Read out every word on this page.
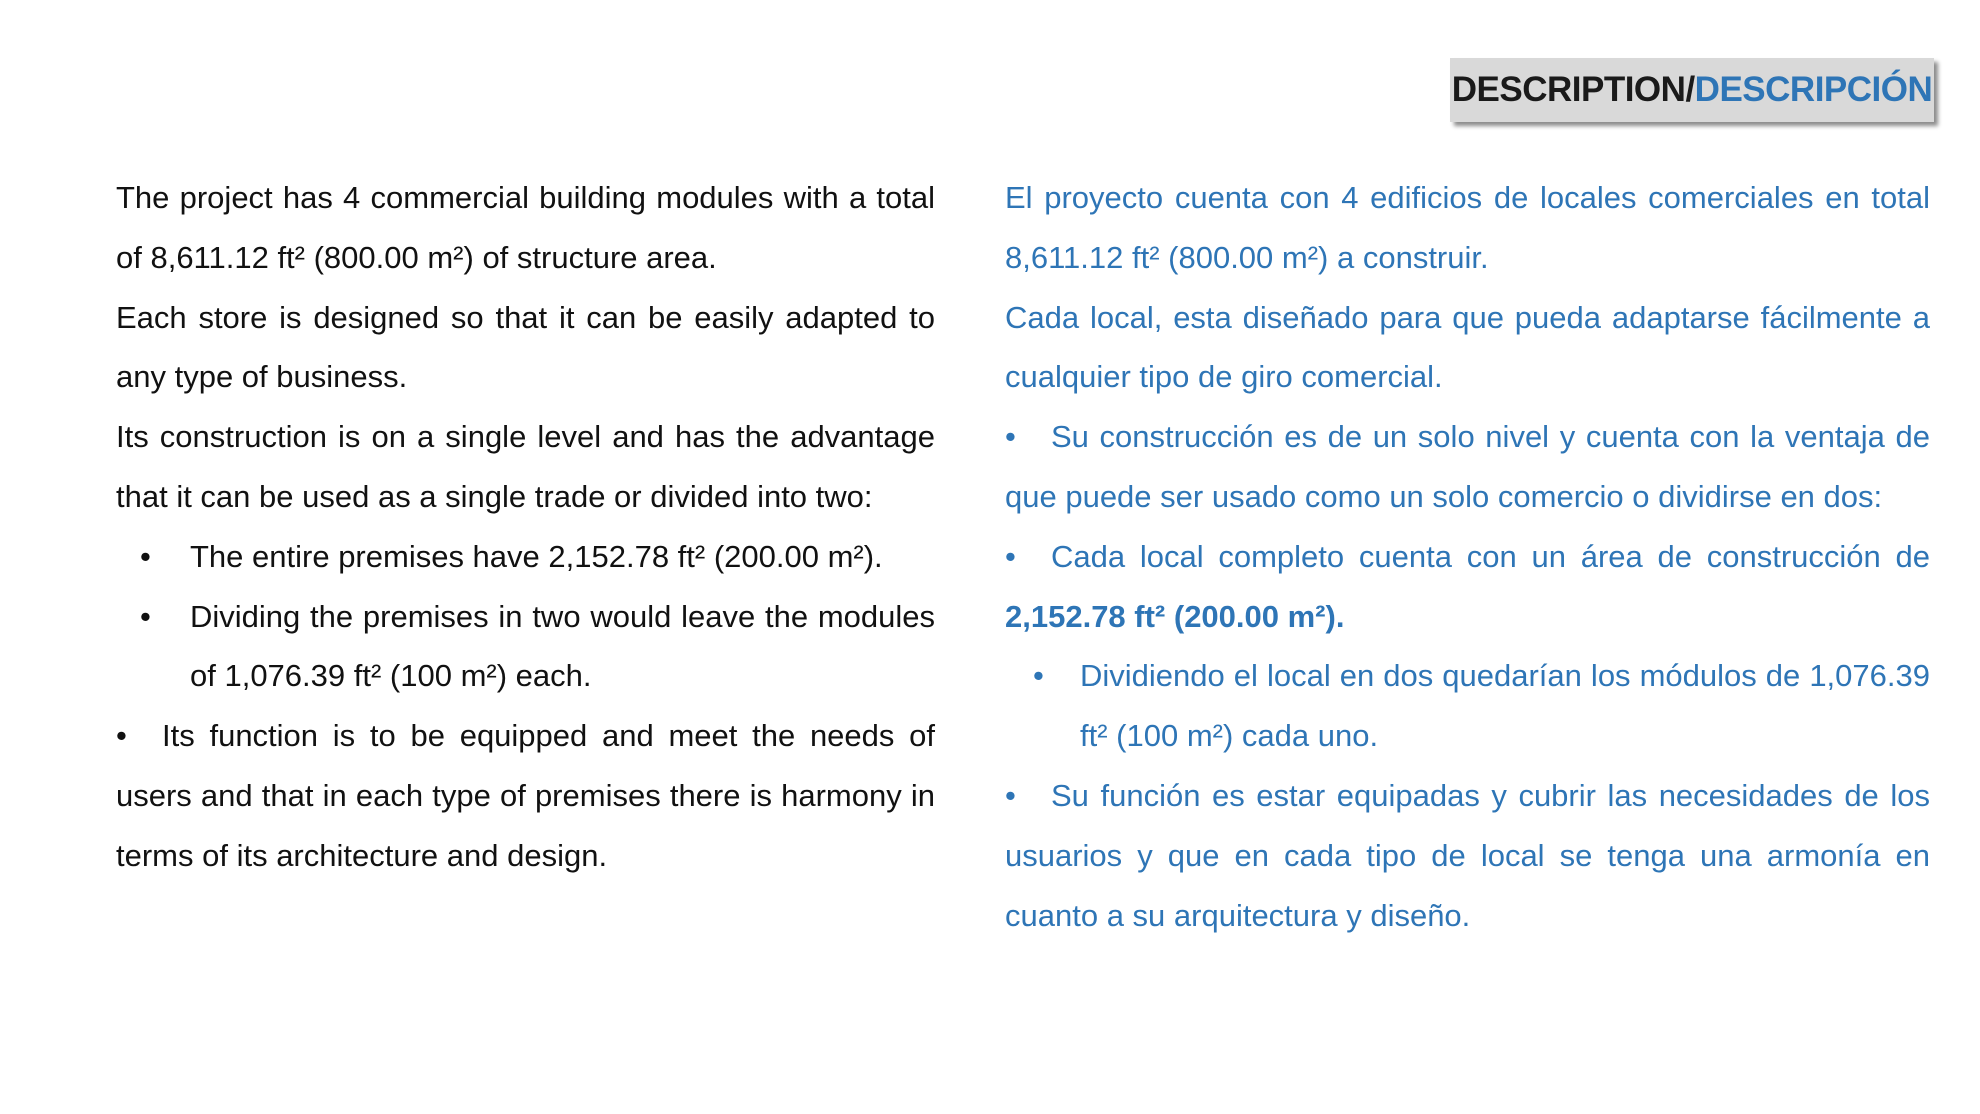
DESCRIPTION / DESCRIPCIÓN

The project has 4 commercial building modules with a total of 8,611.12 ft² (800.00 m²) of structure area.

Each store is designed so that it can be easily adapted to any type of business.

Its construction is on a single level and has the advantage that it can be used as a single trade or divided into two:

•	The entire premises have 2,152.78 ft² (200.00 m²).
•	Dividing the premises in two would leave the modules of 1,076.39 ft² (100 m²) each.

• Its function is to be equipped and meet the needs of users and that in each type of premises there is harmony in terms of its architecture and design.

El proyecto cuenta con 4 edificios de locales comerciales en total 8,611.12 ft² (800.00 m²) a construir.

Cada local, esta diseñado para que pueda adaptarse fácilmente a cualquier tipo de giro comercial.

• Su construcción es de un solo nivel y cuenta con la ventaja de que puede ser usado como un solo comercio o dividirse en dos:

• Cada local completo cuenta con un área de construcción de 2,152.78 ft² (200.00 m²).

•	Dividiendo el local en dos quedarían los módulos de 1,076.39 ft² (100 m²) cada uno.

• Su función es estar equipadas y cubrir las necesidades de los usuarios y que en cada tipo de local se tenga una armonía en cuanto a su arquitectura y diseño.
